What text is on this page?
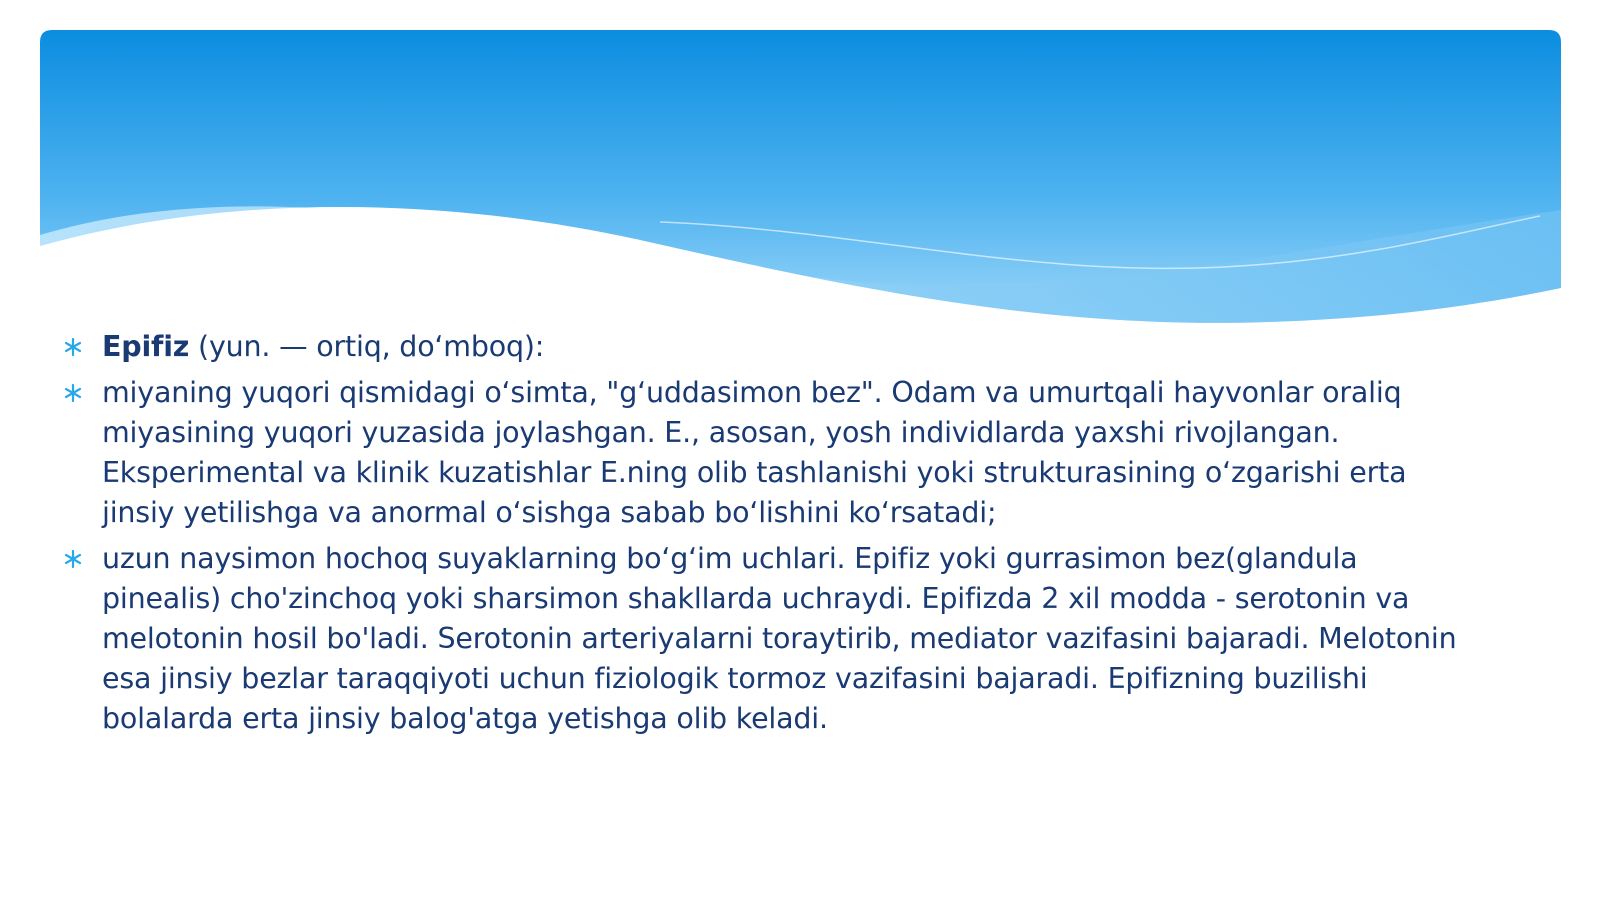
Epifiz (yun. — ortiq, doʻmboq):
miyaning yuqori qismidagi oʻsimta, "gʻuddasimon bez". Odam va umurtqali hayvonlar oraliq miyasining yuqori yuzasida joylashgan. E., asosan, yosh individlarda yaxshi rivojlangan. Eksperimental va klinik kuzatishlar E.ning olib tashlanishi yoki strukturasining oʻzgarishi erta jinsiy yetilishga va anormal oʻsishga sabab boʻlishini koʻrsatadi;
uzun naysimon hochoq suyaklarning boʻgʻim uchlari. Epifiz yoki gurrasimon bez(glandula pinealis) cho'zinchoq yoki sharsimon shakllarda uchraydi. Epifizda 2 xil modda - serotonin va melotonin hosil bo'ladi. Serotonin arteriyalarni toraytirib, mediator vazifasini bajaradi. Melotonin esa jinsiy bezlar taraqqiyoti uchun fiziologik tormoz vazifasini bajaradi. Epifizning buzilishi bolalarda erta jinsiy balog'atga yetishga olib keladi.
